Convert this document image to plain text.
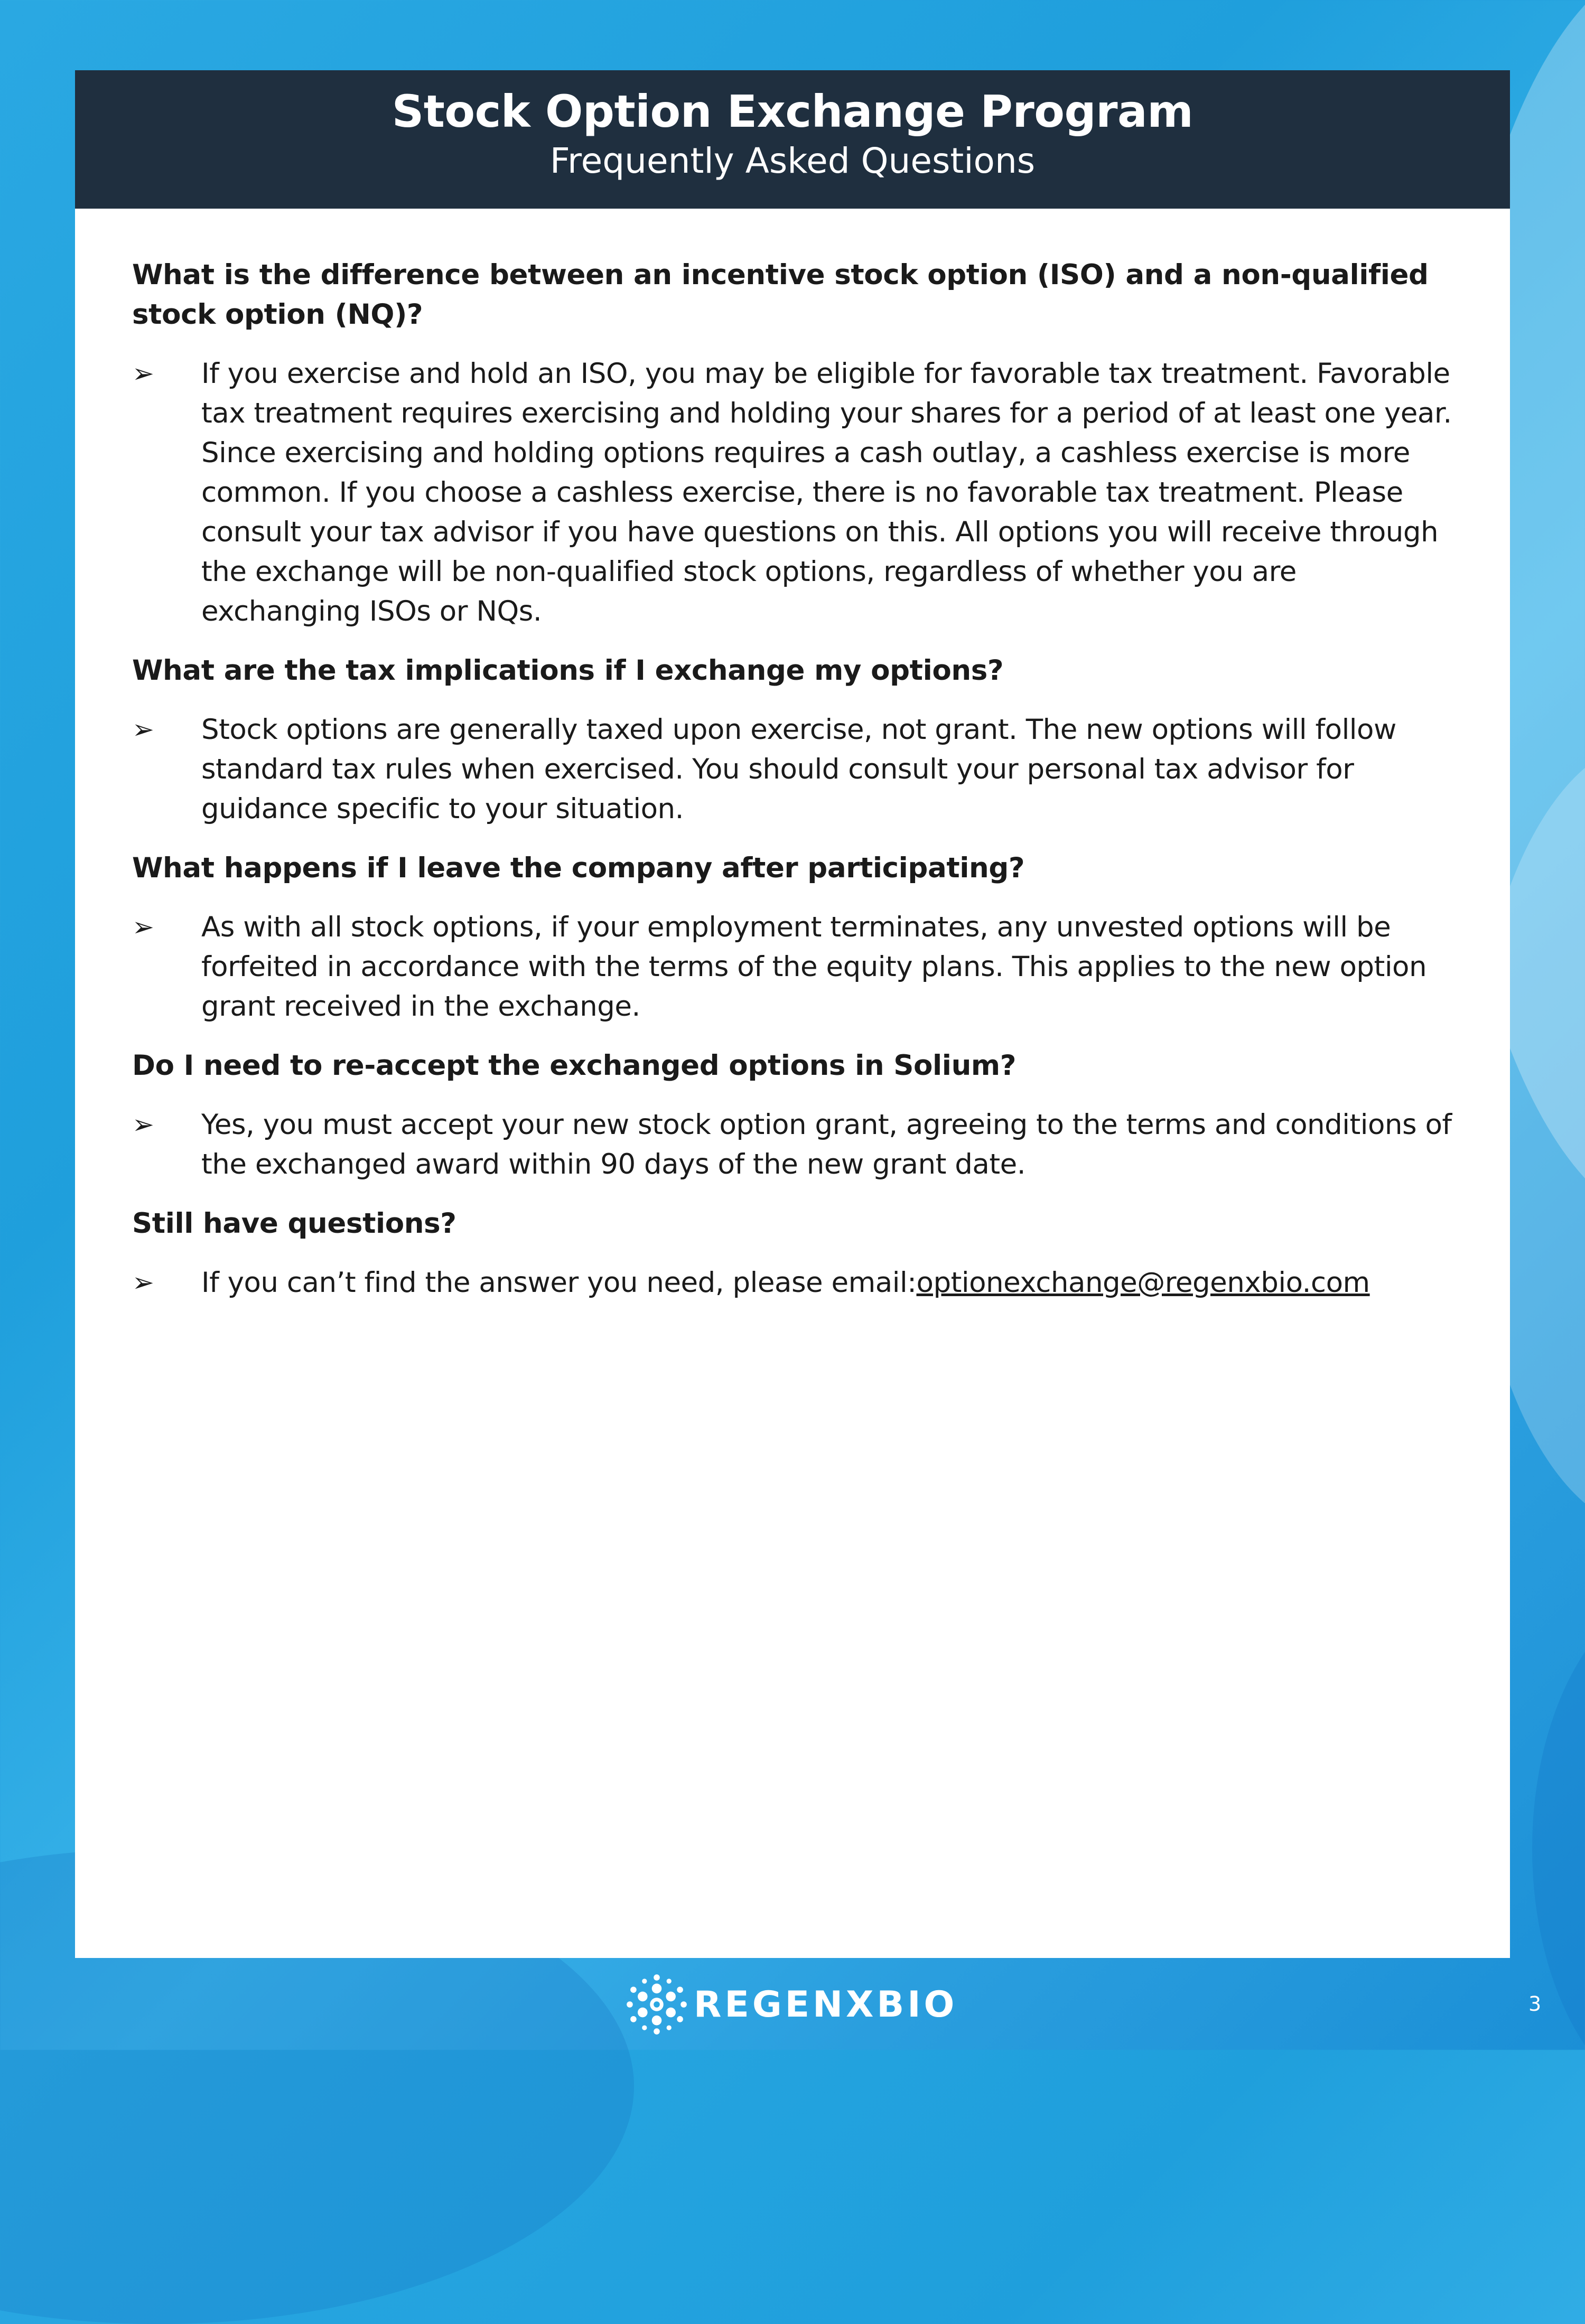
Stock Option Exchange Program
Frequently Asked Questions
What is the difference between an incentive stock option (ISO) and a non-qualified stock option (NQ)?
➢	If you exercise and hold an ISO, you may be eligible for favorable tax treatment. Favorable tax treatment requires exercising and holding your shares for a period of at least one year. Since exercising and holding options requires a cash outlay, a cashless exercise is more common. If you choose a cashless exercise, there is no favorable tax treatment. Please consult your tax advisor if you have questions on this. All options you will receive through the exchange will be non-qualified stock options, regardless of whether you are exchanging ISOs or NQs.
What are the tax implications if I exchange my options?
➢	Stock options are generally taxed upon exercise, not grant. The new options will follow standard tax rules when exercised. You should consult your personal tax advisor for guidance specific to your situation.
What happens if I leave the company after participating?
➢	As with all stock options, if your employment terminates, any unvested options will be forfeited in accordance with the terms of the equity plans. This applies to the new option grant received in the exchange.
Do I need to re-accept the exchanged options in Solium?
➢	Yes, you must accept your new stock option grant, agreeing to the terms and conditions of the exchanged award within 90 days of the new grant date.
Still have questions?
➢	If you can’t find the answer you need, please email:optionexchange@regenxbio.com
REGENXBIO	3
